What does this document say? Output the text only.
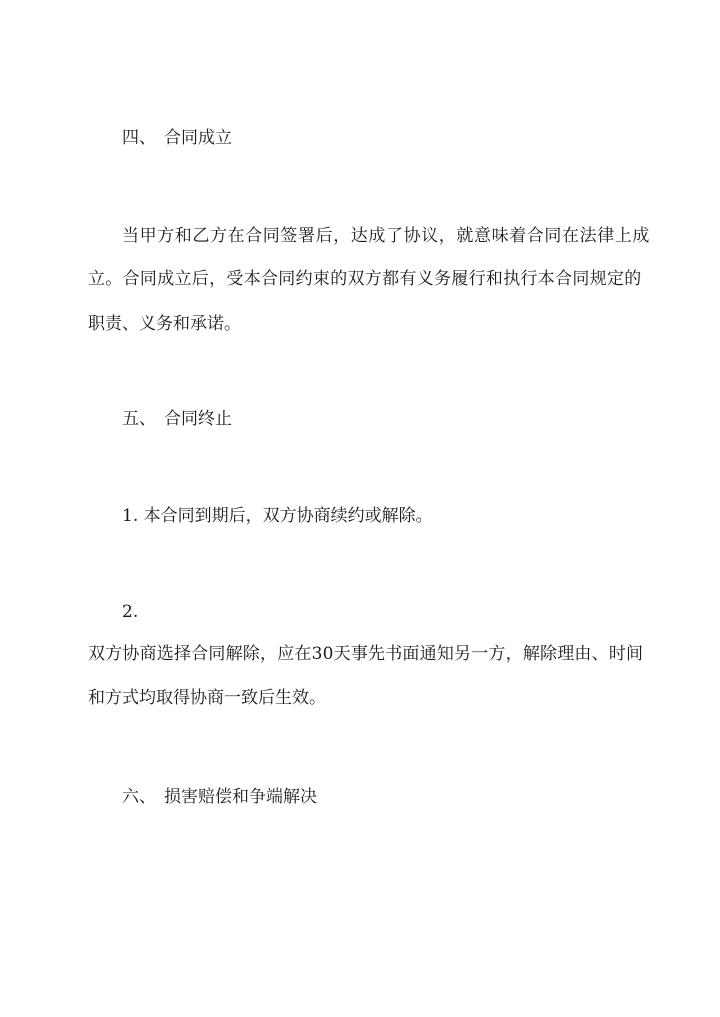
四、 合同成立
当甲方和乙方在合同签署后，达成了协议，就意味着合同在法律上成
立。合同成立后，受本合同约束的双方都有义务履行和执行本合同规定的
职责、义务和承诺。
五、 合同终止
1. 本合同到期后，双方协商续约或解除。
2.
双方协商选择合同解除，应在30天事先书面通知另一方，解除理由、时间
和方式均取得协商一致后生效。
六、 损害赔偿和争端解决
